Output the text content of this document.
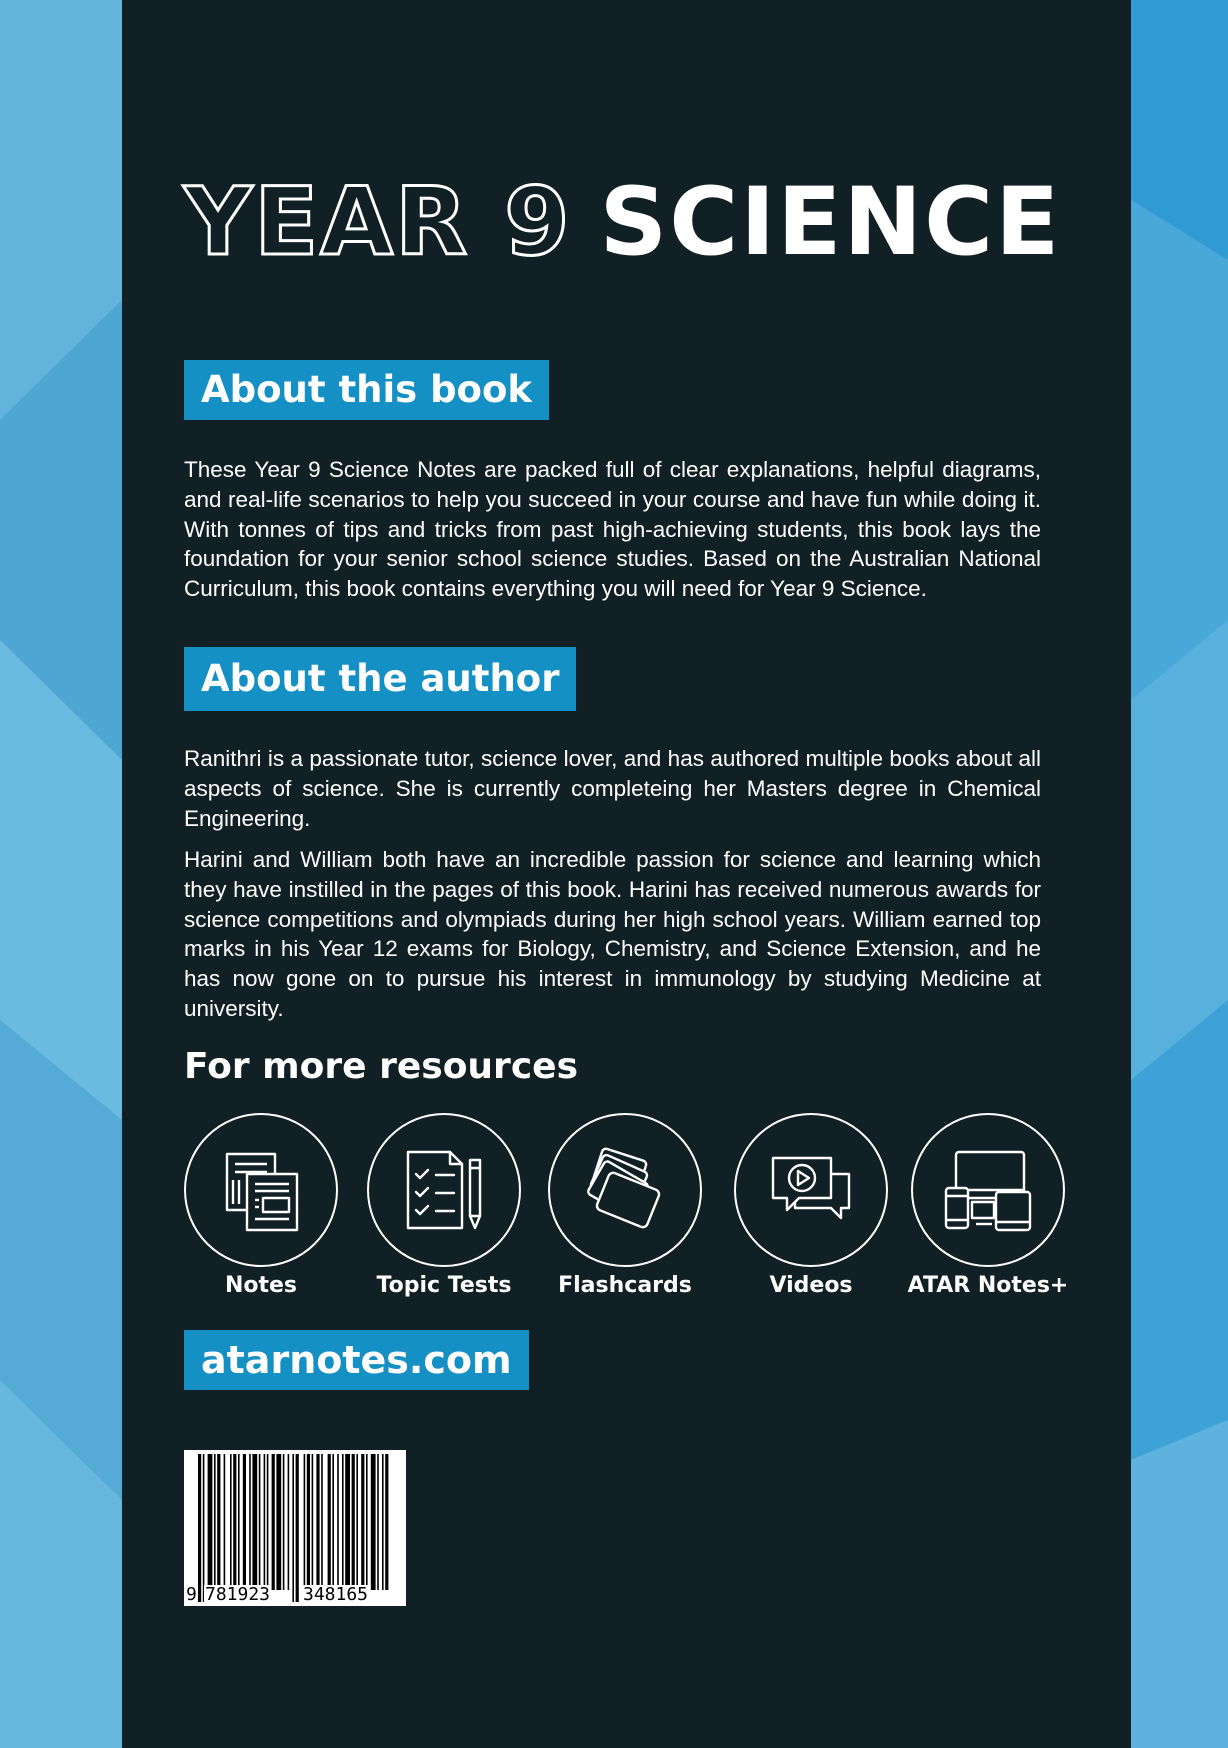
YEAR 9 SCIENCE
About this book

These Year 9 Science Notes are packed full of clear explanations, helpful diagrams, and real-life scenarios to help you succeed in your course and have fun while doing it. With tonnes of tips and tricks from past high-achieving students, this book lays the foundation for your senior school science studies. Based on the Australian National Curriculum, this book contains everything you will need for Year 9 Science.

About the author

Ranithri is a passionate tutor, science lover, and has authored multiple books about all aspects of science. She is currently completeing her Masters degree in Chemical Engineering.

Harini and William both have an incredible passion for science and learning which they have instilled in the pages of this book. Harini has received numerous awards for science competitions and olympiads during her high school years. William earned top marks in his Year 12 exams for Biology, Chemistry, and Science Extension, and he has now gone on to pursue his interest in immunology by studying Medicine at university.

For more resources
Notes	Topic Tests	Flashcards	Videos	ATAR Notes+
atarnotes.com
9 781923 348165
